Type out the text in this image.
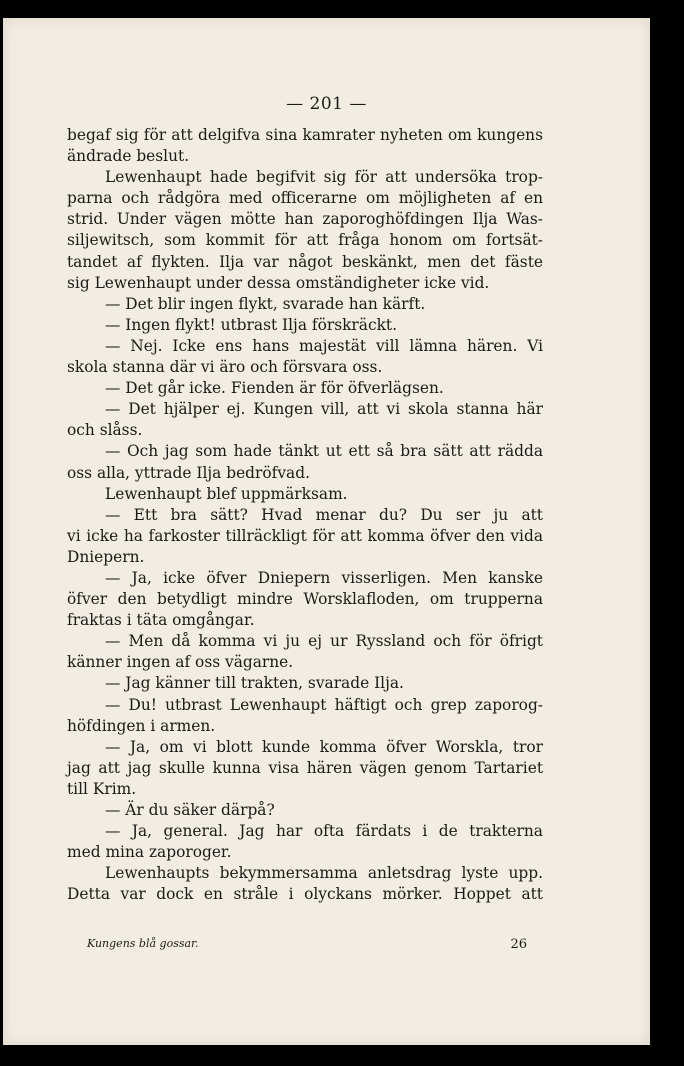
— 201 —
begaf sig för att delgifva sina kamrater nyheten om kungens
ändrade beslut.
Lewenhaupt hade begifvit sig för att undersöka trop-
parna och rådgöra med officerarne om möjligheten af en
strid. Under vägen mötte han zaporoghöfdingen Ilja Was-
siljewitsch, som kommit för att fråga honom om fortsät-
tandet af flykten. Ilja var något beskänkt, men det fäste
sig Lewenhaupt under dessa omständigheter icke vid.
— Det blir ingen flykt, svarade han kärft.
— Ingen flykt! utbrast Ilja förskräckt.
— Nej. Icke ens hans majestät vill lämna hären. Vi
skola stanna där vi äro och försvara oss.
— Det går icke. Fienden är för öfverlägsen.
— Det hjälper ej. Kungen vill, att vi skola stanna här
och slåss.
— Och jag som hade tänkt ut ett så bra sätt att rädda
oss alla, yttrade Ilja bedröfvad.
Lewenhaupt blef uppmärksam.
— Ett bra sätt? Hvad menar du? Du ser ju att
vi icke ha farkoster tillräckligt för att komma öfver den vida
Dniepern.
— Ja, icke öfver Dniepern visserligen. Men kanske
öfver den betydligt mindre Worsklafloden, om trupperna
fraktas i täta omgångar.
— Men då komma vi ju ej ur Ryssland och för öfrigt
känner ingen af oss vägarne.
— Jag känner till trakten, svarade Ilja.
— Du! utbrast Lewenhaupt häftigt och grep zaporog-
höfdingen i armen.
— Ja, om vi blott kunde komma öfver Worskla, tror
jag att jag skulle kunna visa hären vägen genom Tartariet
till Krim.
— Är du säker därpå?
— Ja, general. Jag har ofta färdats i de trakterna
med mina zaporoger.
Lewenhaupts bekymmersamma anletsdrag lyste upp.
Detta var dock en stråle i olyckans mörker. Hoppet att
Kungens blå gossar.	26
